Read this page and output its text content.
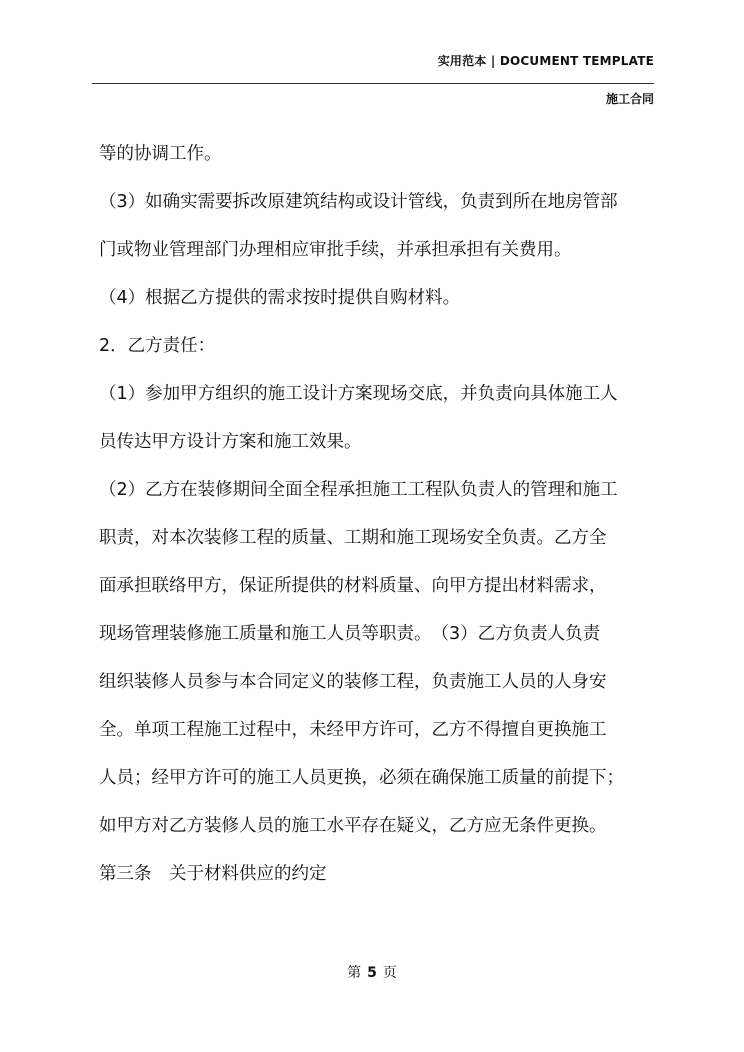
实用范本 | DOCUMENT TEMPLATE
施工合同
等的协调工作。
（3）如确实需要拆改原建筑结构或设计管线，负责到所在地房管部
门或物业管理部门办理相应审批手续，并承担承担有关费用。
（4）根据乙方提供的需求按时提供自购材料。
2．乙方责任：
（1）参加甲方组织的施工设计方案现场交底，并负责向具体施工人
员传达甲方设计方案和施工效果。
（2）乙方在装修期间全面全程承担施工工程队负责人的管理和施工
职责，对本次装修工程的质量、工期和施工现场安全负责。乙方全
面承担联络甲方，保证所提供的材料质量、向甲方提出材料需求，
现场管理装修施工质量和施工人员等职责。　（3）乙方负责人负责
组织装修人员参与本合同定义的装修工程，负责施工人员的人身安
全。单项工程施工过程中，未经甲方许可，乙方不得擅自更换施工
人员；经甲方许可的施工人员更换，必须在确保施工质量的前提下；
如甲方对乙方装修人员的施工水平存在疑义，乙方应无条件更换。
第三条　关于材料供应的约定
第 5 页
